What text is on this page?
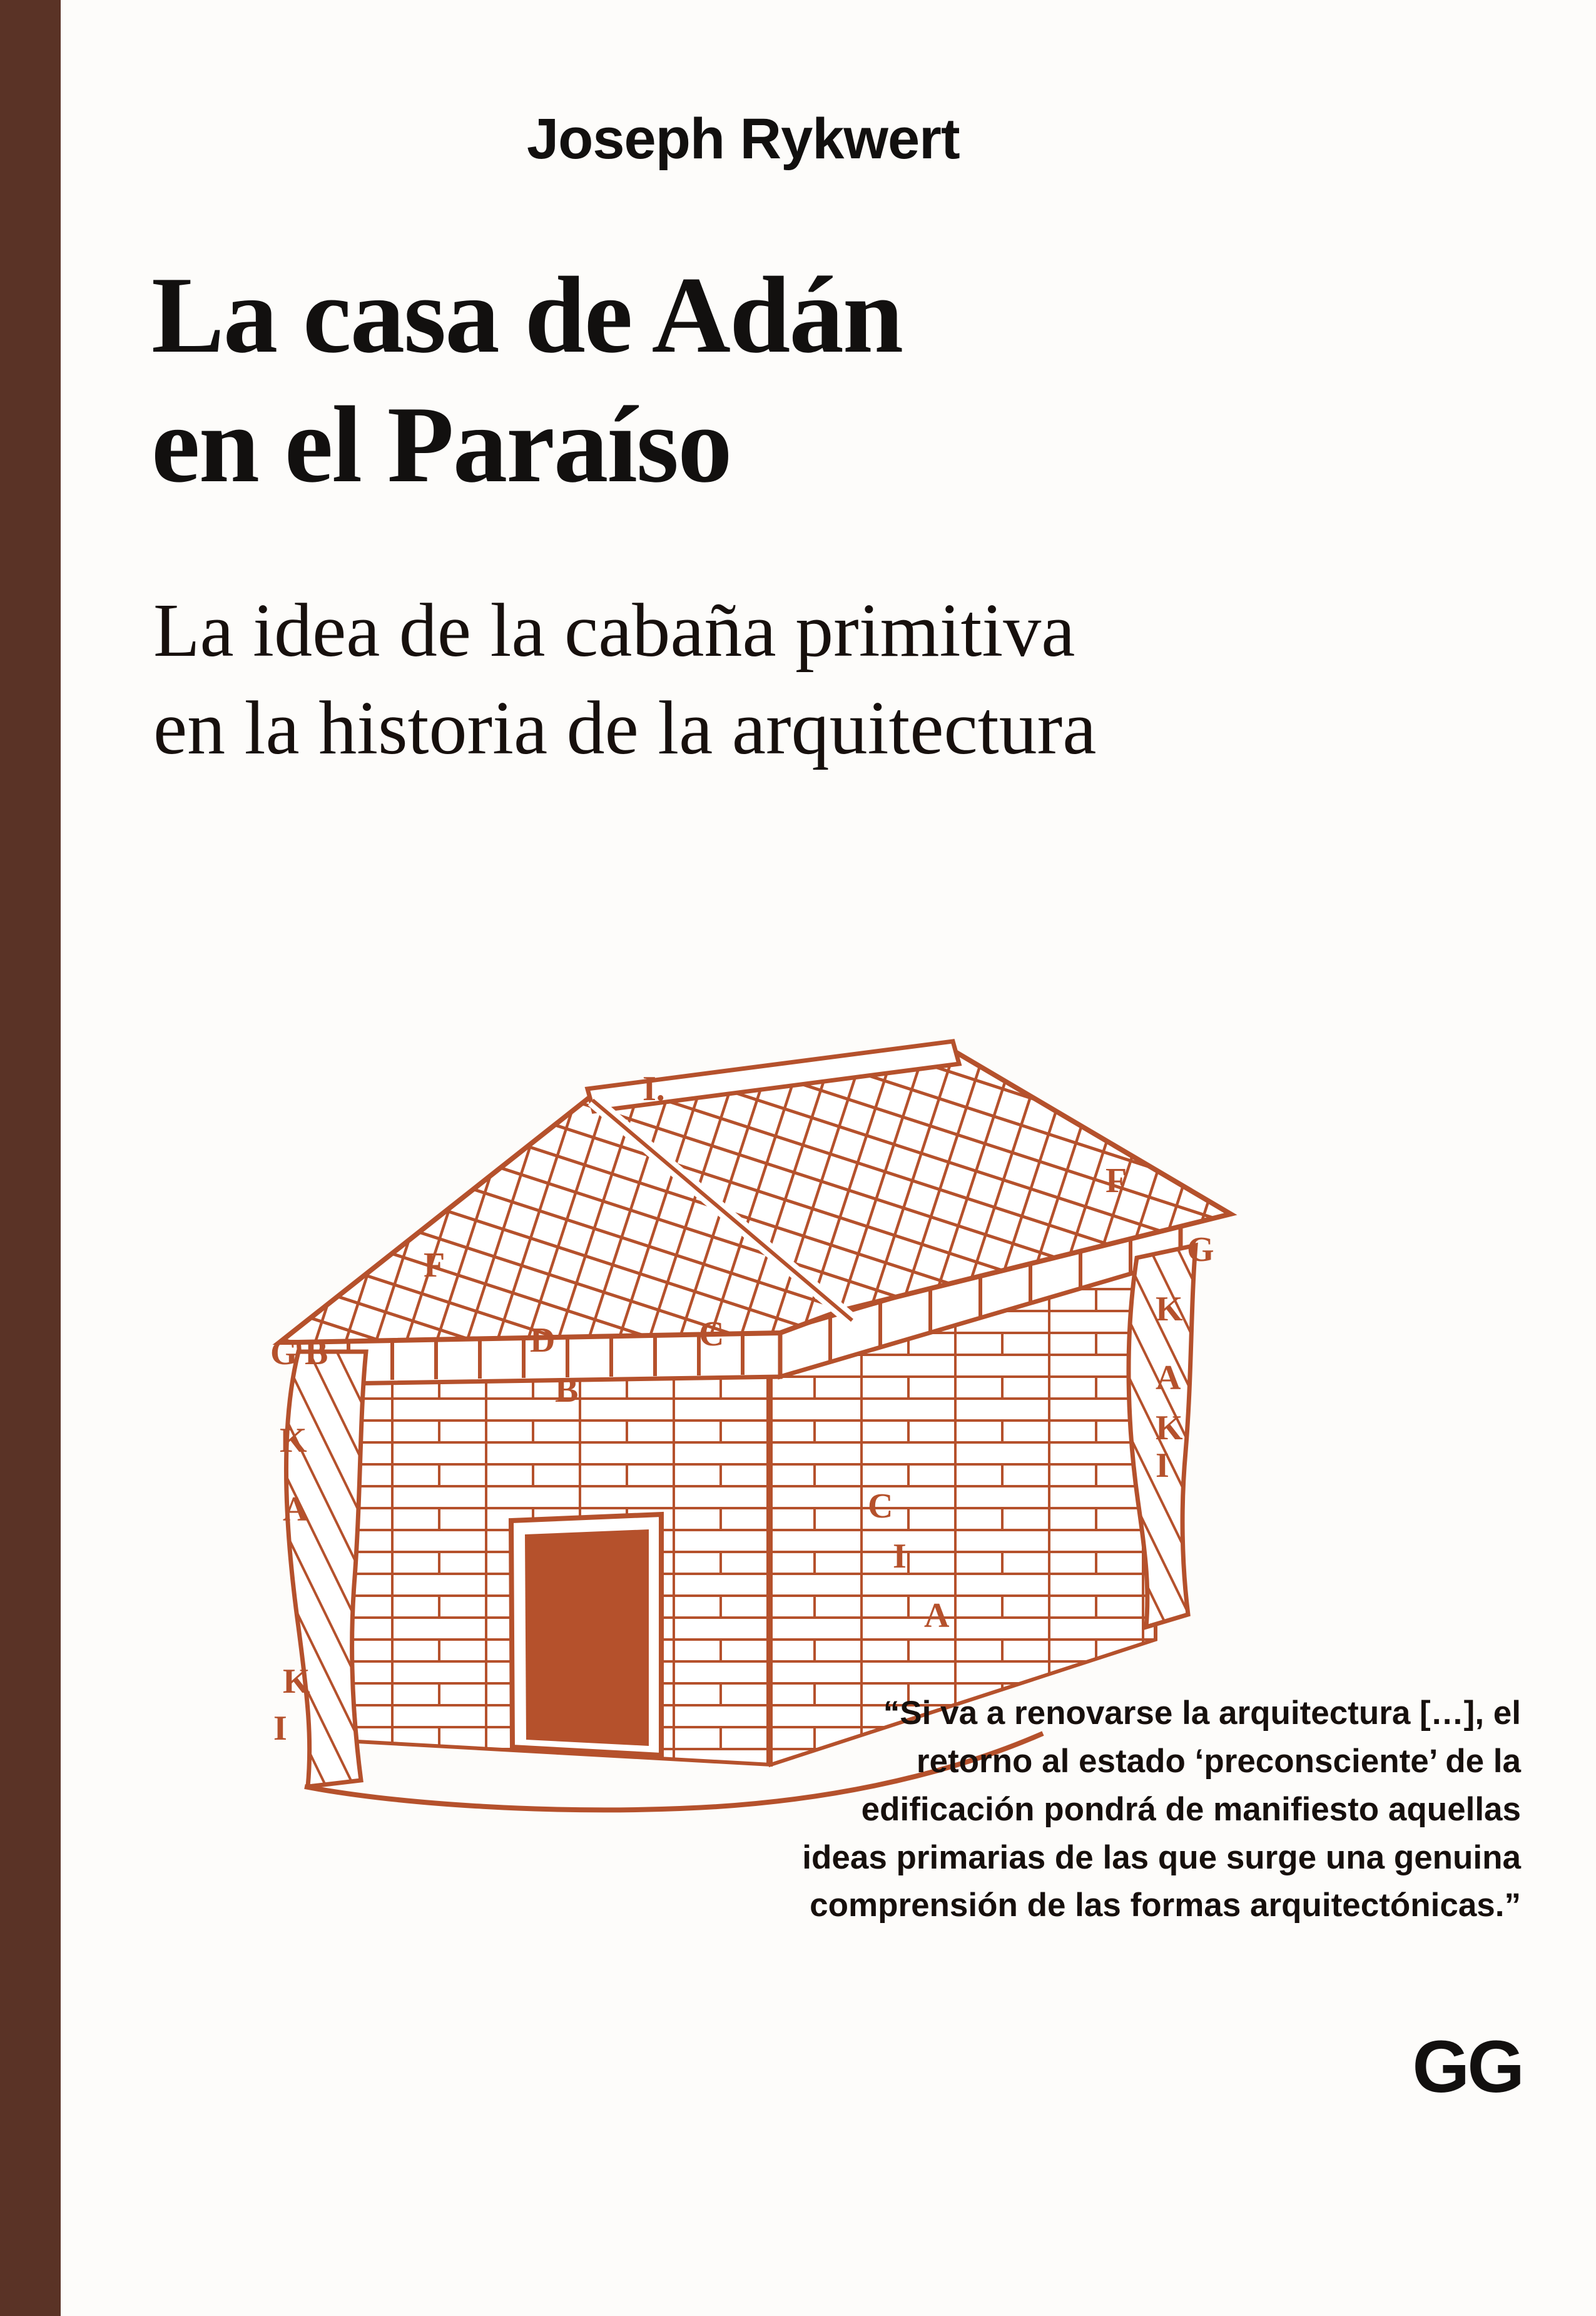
Joseph Rykwert
La casa de Adán
en el Paraíso
La idea de la cabaña primitiva
en la historia de la arquitectura
I.
F
F
G
G B	D	C
K
A
K
I
K
A
K
I
C
I
A
B
“Si va a renovarse la arquitectura […], el retorno al estado ‘preconsciente’ de la edificación pondrá de manifiesto aquellas ideas primarias de las que surge una genuina comprensión de las formas arquitectónicas.”
GG
